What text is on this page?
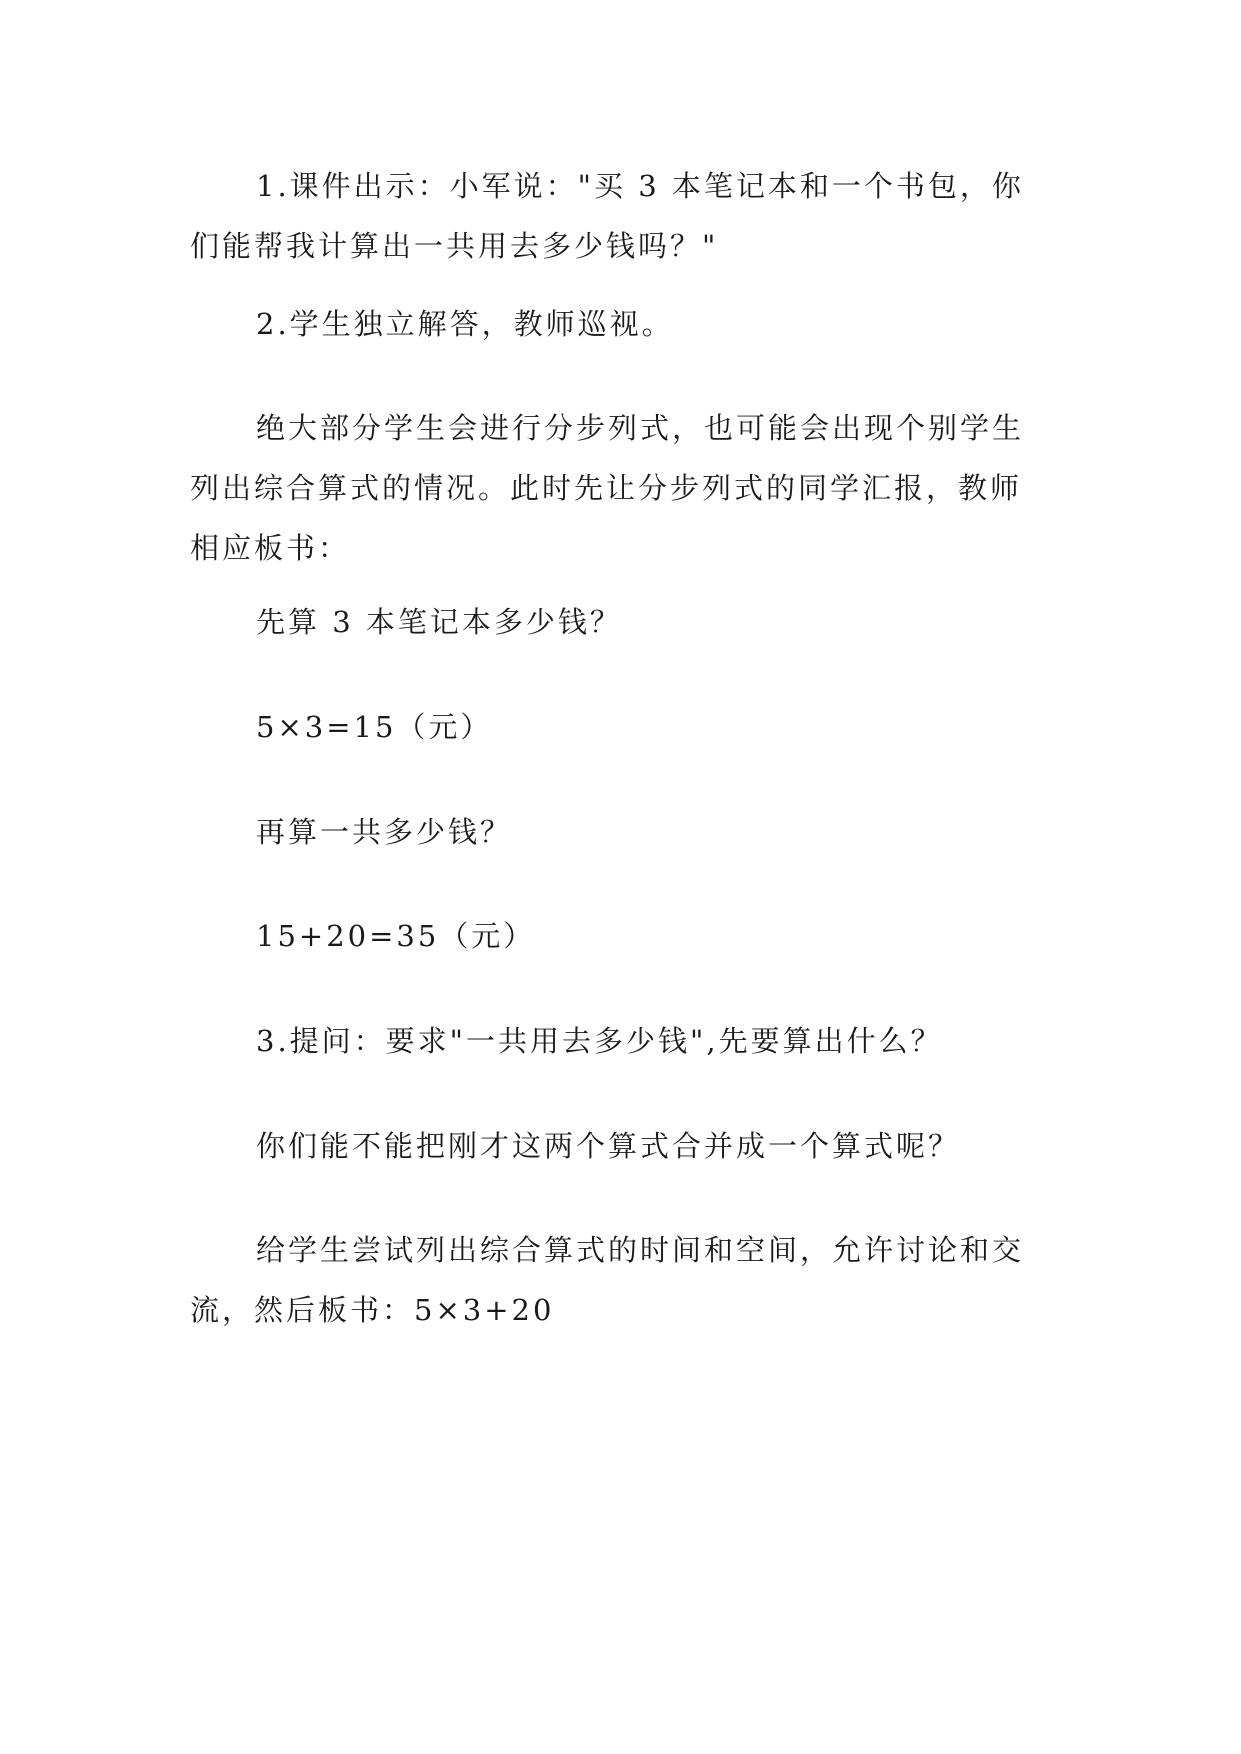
1.课件出示：小军说："买 3 本笔记本和一个书包，你们能帮我计算出一共用去多少钱吗？"

2.学生独立解答，教师巡视。

绝大部分学生会进行分步列式，也可能会出现个别学生列出综合算式的情况。此时先让分步列式的同学汇报，教师相应板书：

先算 3 本笔记本多少钱？

5×3=15（元）

再算一共多少钱？

15+20=35（元）

3.提问：要求"一共用去多少钱",先要算出什么？

你们能不能把刚才这两个算式合并成一个算式呢？

给学生尝试列出综合算式的时间和空间，允许讨论和交流，然后板书：5×3+20
